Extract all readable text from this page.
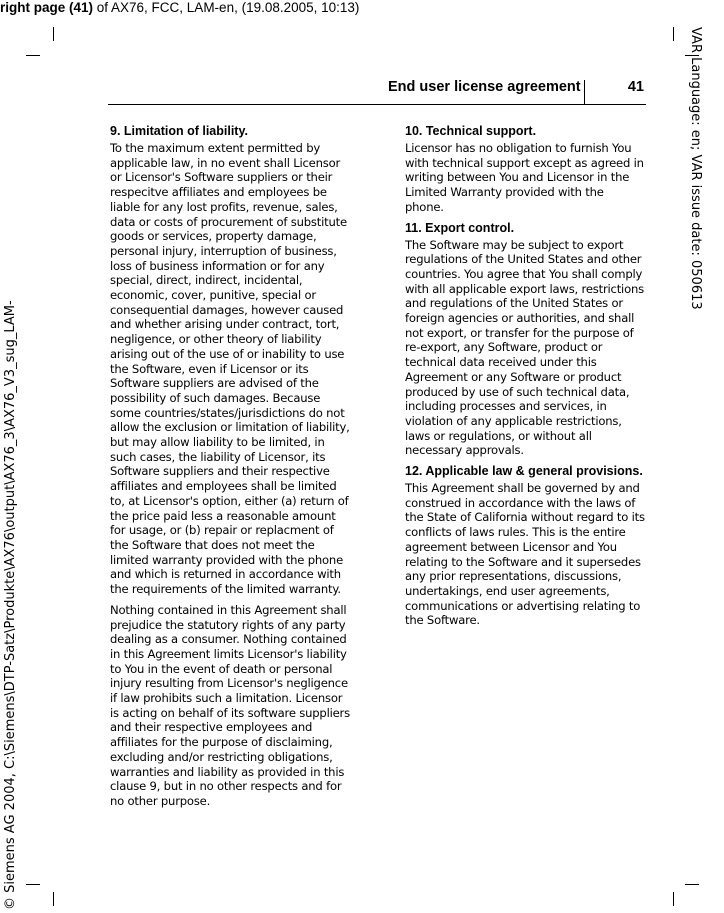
right page (41) of AX76, FCC, LAM-en, (19.08.2005, 10:13)
VAR Language: en; VAR issue date: 050613
© Siemens AG 2004, C:\Siemens\DTP-Satz\Produkte\AX76\output\AX76_3\AX76_V3_sug_LAM-
End user license agreement	41
9. Limitation of liability.

To the maximum extent permitted by applicable law, in no event shall Licensor or Licensor's Software suppliers or their respecitve affiliates and employees be liable for any lost profits, revenue, sales, data or costs of procurement of substitute goods or services, property damage, personal injury, interruption of business, loss of business information or for any special, direct, indirect, incidental, economic, cover, punitive, special or consequential damages, however caused and whether arising under contract, tort, negligence, or other theory of liability arising out of the use of or inability to use the Software, even if Licensor or its Software suppliers are advised of the possibility of such damages. Because some countries/states/jurisdictions do not allow the exclusion or limitation of liability, but may allow liability to be limited, in such cases, the liability of Licensor, its Software suppliers and their respective affiliates and employees shall be limited to, at Licensor's option, either (a) return of the price paid less a reasonable amount for usage, or (b) repair or replacment of the Software that does not meet the limited warranty provided with the phone and which is returned in accordance with the requirements of the limited warranty.

Nothing contained in this Agreement shall prejudice the statutory rights of any party dealing as a consumer. Nothing contained in this Agreement limits Licensor's liability to You in the event of death or personal injury resulting from Licensor's negligence if law prohibits such a limitation. Licensor is acting on behalf of its software suppliers and their respective employees and affiliates for the purpose of disclaiming, excluding and/or restricting obligations, warranties and liability as provided in this clause 9, but in no other respects and for no other purpose.

10. Technical support.

Licensor has no obligation to furnish You with technical support except as agreed in writing between You and Licensor in the Limited Warranty provided with the phone.

11. Export control.

The Software may be subject to export regulations of the United States and other countries. You agree that You shall comply with all applicable export laws, restrictions and regulations of the United States or foreign agencies or authorities, and shall not export, or transfer for the purpose of re-export, any Software, product or technical data received under this Agreement or any Software or product produced by use of such technical data, including processes and services, in violation of any applicable restrictions, laws or regulations, or without all necessary approvals.

12. Applicable law & general provisions.

This Agreement shall be governed by and construed in accordance with the laws of the State of California without regard to its conflicts of laws rules. This is the entire agreement between Licensor and You relating to the Software and it supersedes any prior representations, discussions, undertakings, end user agreements, communications or advertising relating to the Software.
